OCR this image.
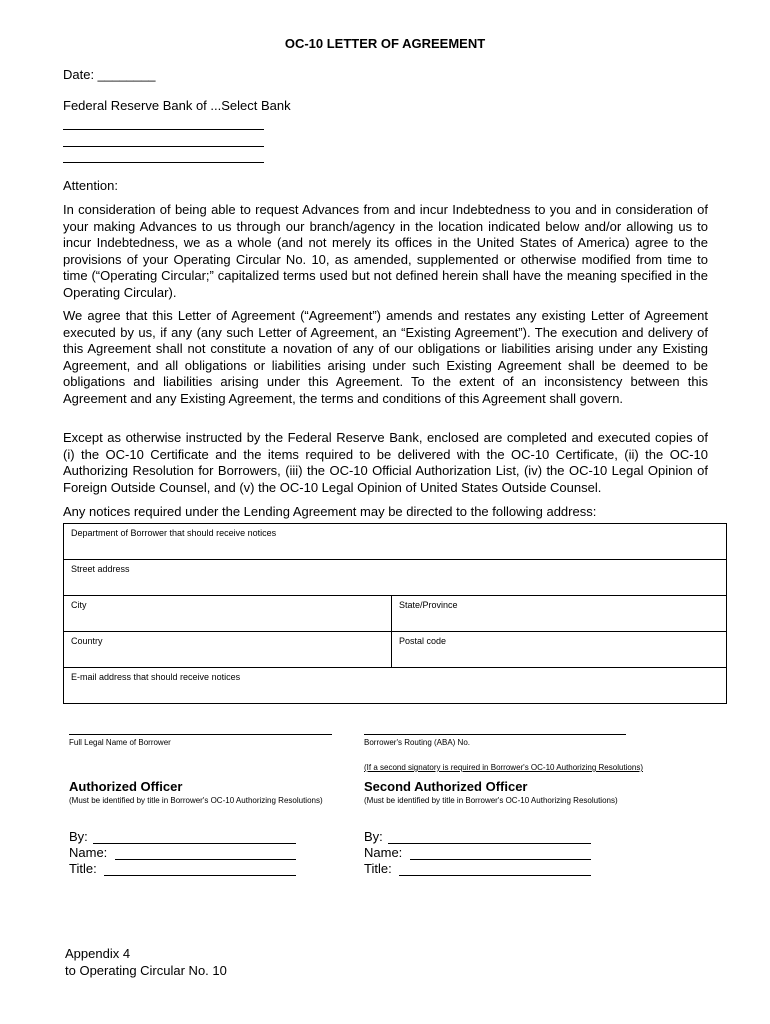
OC-10 LETTER OF AGREEMENT
Date: ________
Federal Reserve Bank of ...Select Bank
Attention:

In consideration of being able to request Advances from and incur Indebtedness to you and in consideration of your making Advances to us through our branch/agency in the location indicated below and/or allowing us to incur Indebtedness, we as a whole (and not merely its offices in the United States of America) agree to the provisions of your Operating Circular No. 10, as amended, supplemented or otherwise modified from time to time (“Operating Circular;” capitalized terms used but not defined herein shall have the meaning specified in the Operating Circular).

We agree that this Letter of Agreement (“Agreement”) amends and restates any existing Letter of Agreement executed by us, if any (any such Letter of Agreement, an “Existing Agreement”). The execution and delivery of this Agreement shall not constitute a novation of any of our obligations or liabilities arising under any Existing Agreement, and all obligations or liabilities arising under such Existing Agreement shall be deemed to be obligations and liabilities arising under this Agreement. To the extent of an inconsistency between this Agreement and any Existing Agreement, the terms and conditions of this Agreement shall govern.

Except as otherwise instructed by the Federal Reserve Bank, enclosed are completed and executed copies of (i) the OC-10 Certificate and the items required to be delivered with the OC-10 Certificate, (ii) the OC-10 Authorizing Resolution for Borrowers, (iii) the OC-10 Official Authorization List, (iv) the OC-10 Legal Opinion of Foreign Outside Counsel, and (v) the OC-10 Legal Opinion of United States Outside Counsel.

Any notices required under the Lending Agreement may be directed to the following address:
Department of Borrower that should receive notices	
Street address	
City	State/Province
Country	Postal code
E-mail address that should receive notices	
Full Legal Name of Borrower	Borrower's Routing (ABA) No.
(If a second signatory is required in Borrower's OC-10 Authorizing Resolutions)
Authorized Officer
(Must be identified by title in Borrower's OC-10 Authorizing Resolutions)
Second Authorized Officer
(Must be identified by title in Borrower's OC-10 Authorizing Resolutions)
By:
Name:
Title:
By:
Name:
Title:
Appendix 4
to Operating Circular No. 10
